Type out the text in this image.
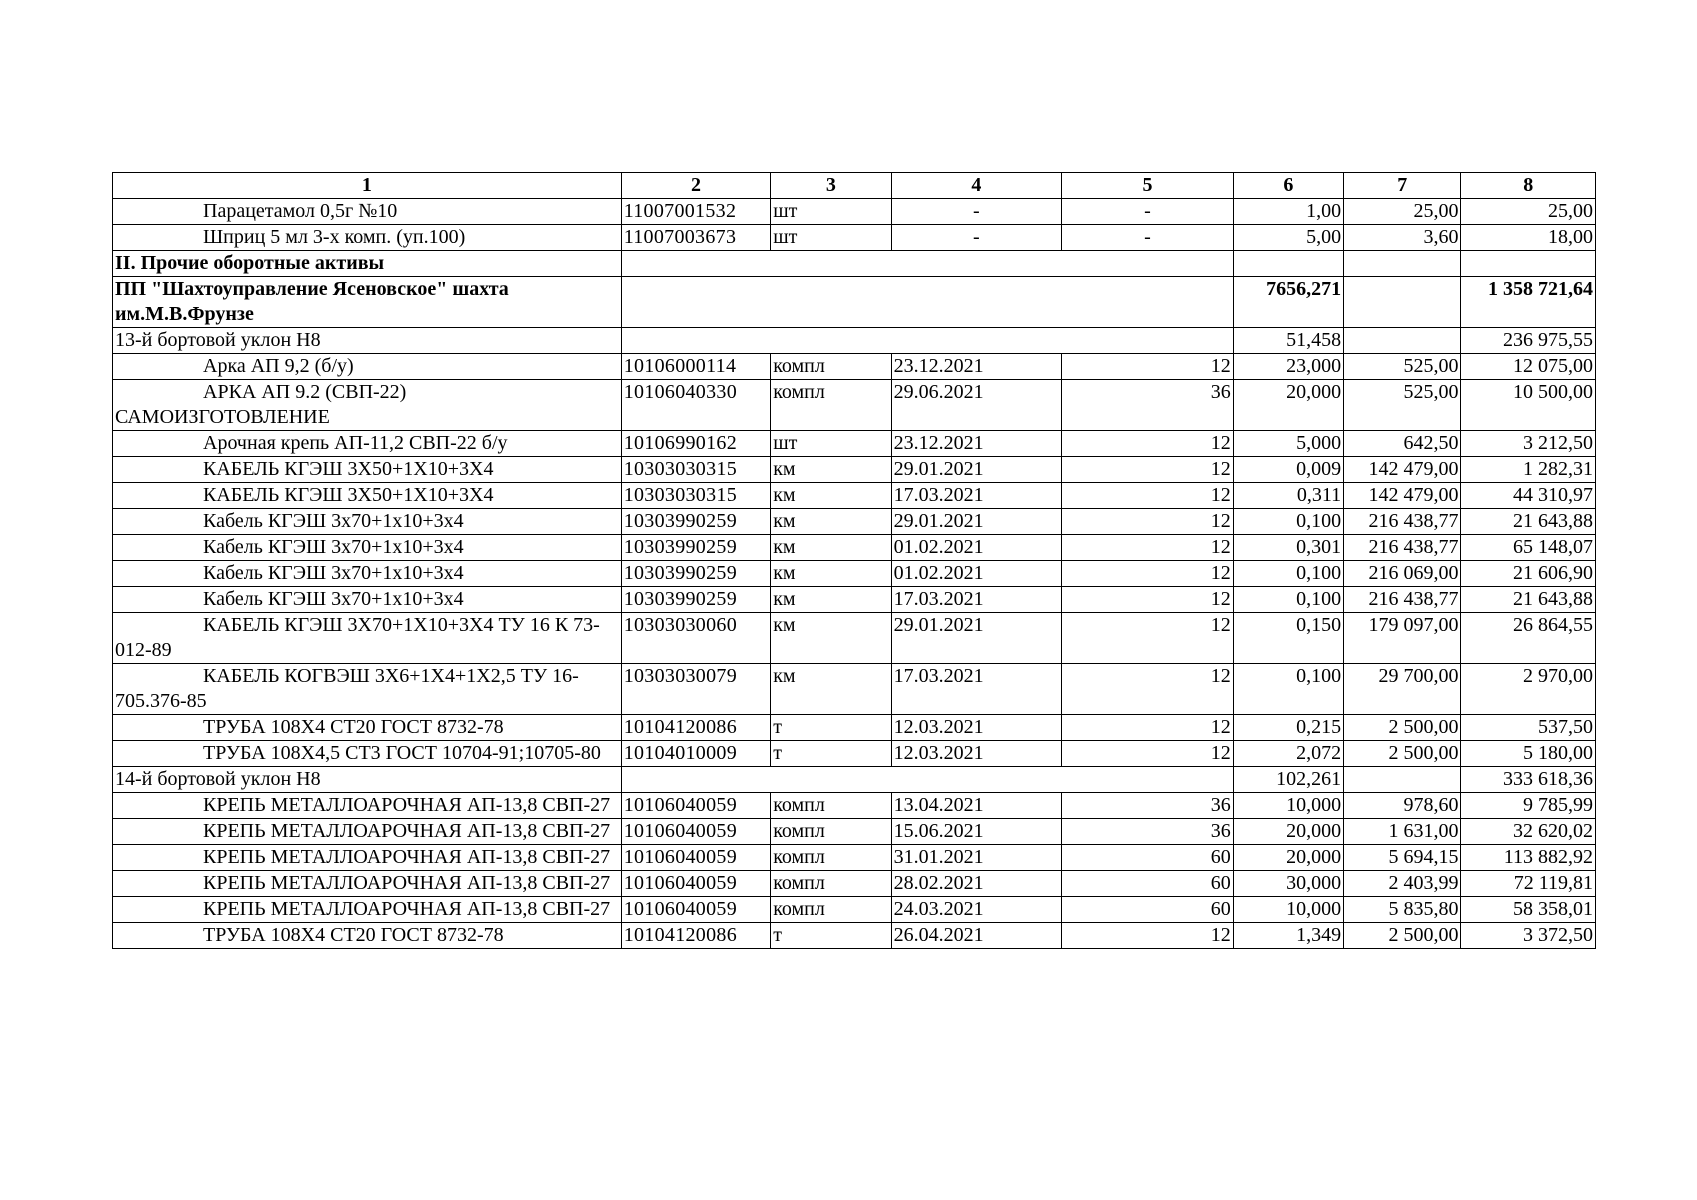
1	2	3	4	5	6	7	8
Парацетамол 0,5г №10	11007001532	шт	-	-	1,00	25,00	25,00
Шприц 5 мл 3-х комп. (уп.100)	11007003673	шт	-	-	5,00	3,60	18,00
II. Прочие оборотные активы							
ПП "Шахтоуправление Ясеновское" шахта им.М.В.Фрунзе					7656,271		1 358 721,64
13-й бортовой уклон Н8					51,458		236 975,55
Арка АП 9,2 (б/у)	10106000114	компл	23.12.2021	12	23,000	525,00	12 075,00
АРКА АП 9.2 (СВП-22) САМОИЗГОТОВЛЕНИЕ	10106040330	компл	29.06.2021	36	20,000	525,00	10 500,00
Арочная крепь АП-11,2 СВП-22 б/у	10106990162	шт	23.12.2021	12	5,000	642,50	3 212,50
КАБЕЛЬ КГЭШ 3Х50+1Х10+3Х4	10303030315	км	29.01.2021	12	0,009	142 479,00	1 282,31
КАБЕЛЬ КГЭШ 3Х50+1Х10+3Х4	10303030315	км	17.03.2021	12	0,311	142 479,00	44 310,97
Кабель КГЭШ 3х70+1х10+3х4	10303990259	км	29.01.2021	12	0,100	216 438,77	21 643,88
Кабель КГЭШ 3х70+1х10+3х4	10303990259	км	01.02.2021	12	0,301	216 438,77	65 148,07
Кабель КГЭШ 3х70+1х10+3х4	10303990259	км	01.02.2021	12	0,100	216 069,00	21 606,90
Кабель КГЭШ 3х70+1х10+3х4	10303990259	км	17.03.2021	12	0,100	216 438,77	21 643,88
КАБЕЛЬ КГЭШ 3Х70+1Х10+3Х4 ТУ 16 К 73-012-89	10303030060	км	29.01.2021	12	0,150	179 097,00	26 864,55
КАБЕЛЬ КОГВЭШ 3Х6+1Х4+1Х2,5 ТУ 16-705.376-85	10303030079	км	17.03.2021	12	0,100	29 700,00	2 970,00
ТРУБА 108Х4 СТ20 ГОСТ 8732-78	10104120086	т	12.03.2021	12	0,215	2 500,00	537,50
ТРУБА 108Х4,5 СТ3 ГОСТ 10704-91;10705-80	10104010009	т	12.03.2021	12	2,072	2 500,00	5 180,00
14-й бортовой уклон Н8					102,261		333 618,36
КРЕПЬ МЕТАЛЛОАРОЧНАЯ АП-13,8 СВП-27	10106040059	компл	13.04.2021	36	10,000	978,60	9 785,99
КРЕПЬ МЕТАЛЛОАРОЧНАЯ АП-13,8 СВП-27	10106040059	компл	15.06.2021	36	20,000	1 631,00	32 620,02
КРЕПЬ МЕТАЛЛОАРОЧНАЯ АП-13,8 СВП-27	10106040059	компл	31.01.2021	60	20,000	5 694,15	113 882,92
КРЕПЬ МЕТАЛЛОАРОЧНАЯ АП-13,8 СВП-27	10106040059	компл	28.02.2021	60	30,000	2 403,99	72 119,81
КРЕПЬ МЕТАЛЛОАРОЧНАЯ АП-13,8 СВП-27	10106040059	компл	24.03.2021	60	10,000	5 835,80	58 358,01
ТРУБА 108Х4 СТ20 ГОСТ 8732-78	10104120086	т	26.04.2021	12	1,349	2 500,00	3 372,50
